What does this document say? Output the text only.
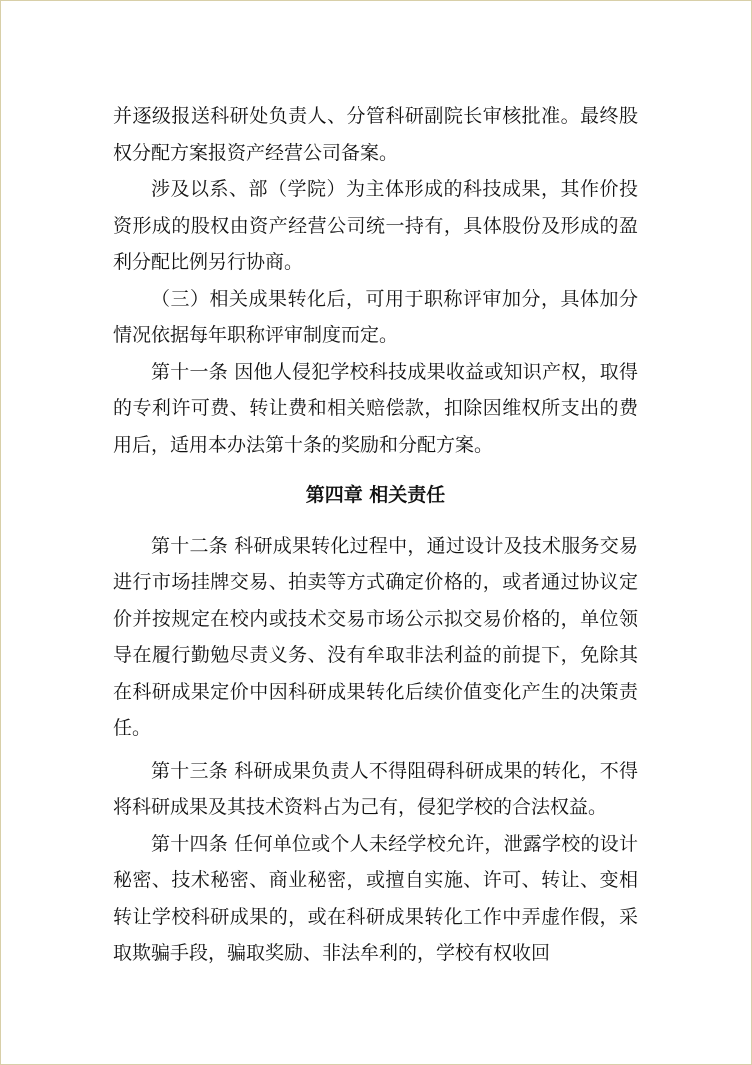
并逐级报送科研处负责人、分管科研副院长审核批准。最终股权分配方案报资产经营公司备案。

涉及以系、部（学院）为主体形成的科技成果，其作价投资形成的股权由资产经营公司统一持有，具体股份及形成的盈利分配比例另行协商。

（三）相关成果转化后，可用于职称评审加分，具体加分情况依据每年职称评审制度而定。

第十一条 因他人侵犯学校科技成果收益或知识产权，取得的专利许可费、转让费和相关赔偿款，扣除因维权所支出的费用后，适用本办法第十条的奖励和分配方案。

第四章 相关责任

第十二条 科研成果转化过程中，通过设计及技术服务交易进行市场挂牌交易、拍卖等方式确定价格的，或者通过协议定价并按规定在校内或技术交易市场公示拟交易价格的，单位领导在履行勤勉尽责义务、没有牟取非法利益的前提下，免除其在科研成果定价中因科研成果转化后续价值变化产生的决策责任。

第十三条 科研成果负责人不得阻碍科研成果的转化，不得将科研成果及其技术资料占为己有，侵犯学校的合法权益。

第十四条 任何单位或个人未经学校允许，泄露学校的设计秘密、技术秘密、商业秘密，或擅自实施、许可、转让、变相转让学校科研成果的，或在科研成果转化工作中弄虚作假，采取欺骗手段，骗取奖励、非法牟利的，学校有权收回
